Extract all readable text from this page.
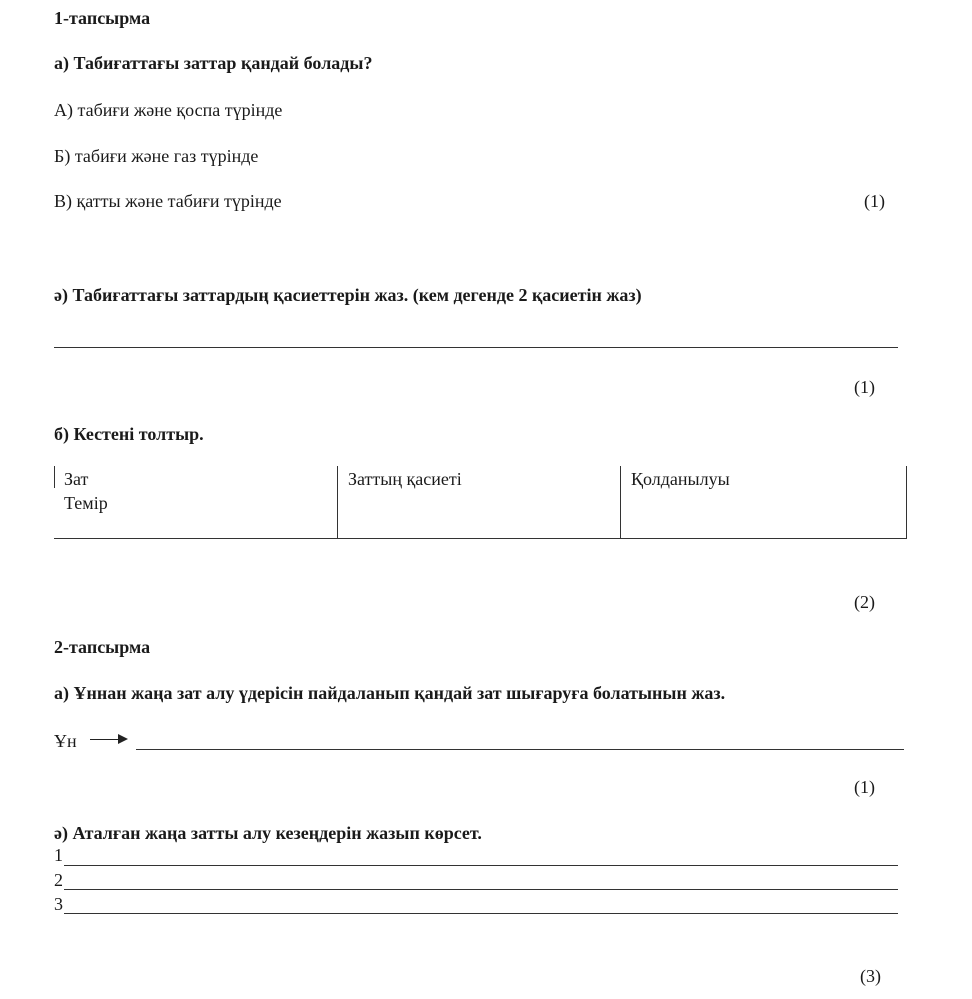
1-тапсырма
а) Табиғаттағы заттар қандай болады?
А) табиғи және қоспа түрінде
Б) табиғи және газ түрінде
В) қатты және табиғи түрінде	(1)
ә) Табиғаттағы заттардың қасиеттерін жаз. (кем дегенде 2 қасиетін жаз)
(1)
б) Кестені толтыр.
Зат
Темір
Заттың қасиеті	Қолданылуы
(2)
2-тапсырма
а) Ұннан жаңа зат алу үдерісін пайдаланып қандай зат шығаруға болатынын жаз.
Ұн
(1)
ә) Аталған жаңа затты алу кезеңдерін жазып көрсет.
1
2
3
(3)
